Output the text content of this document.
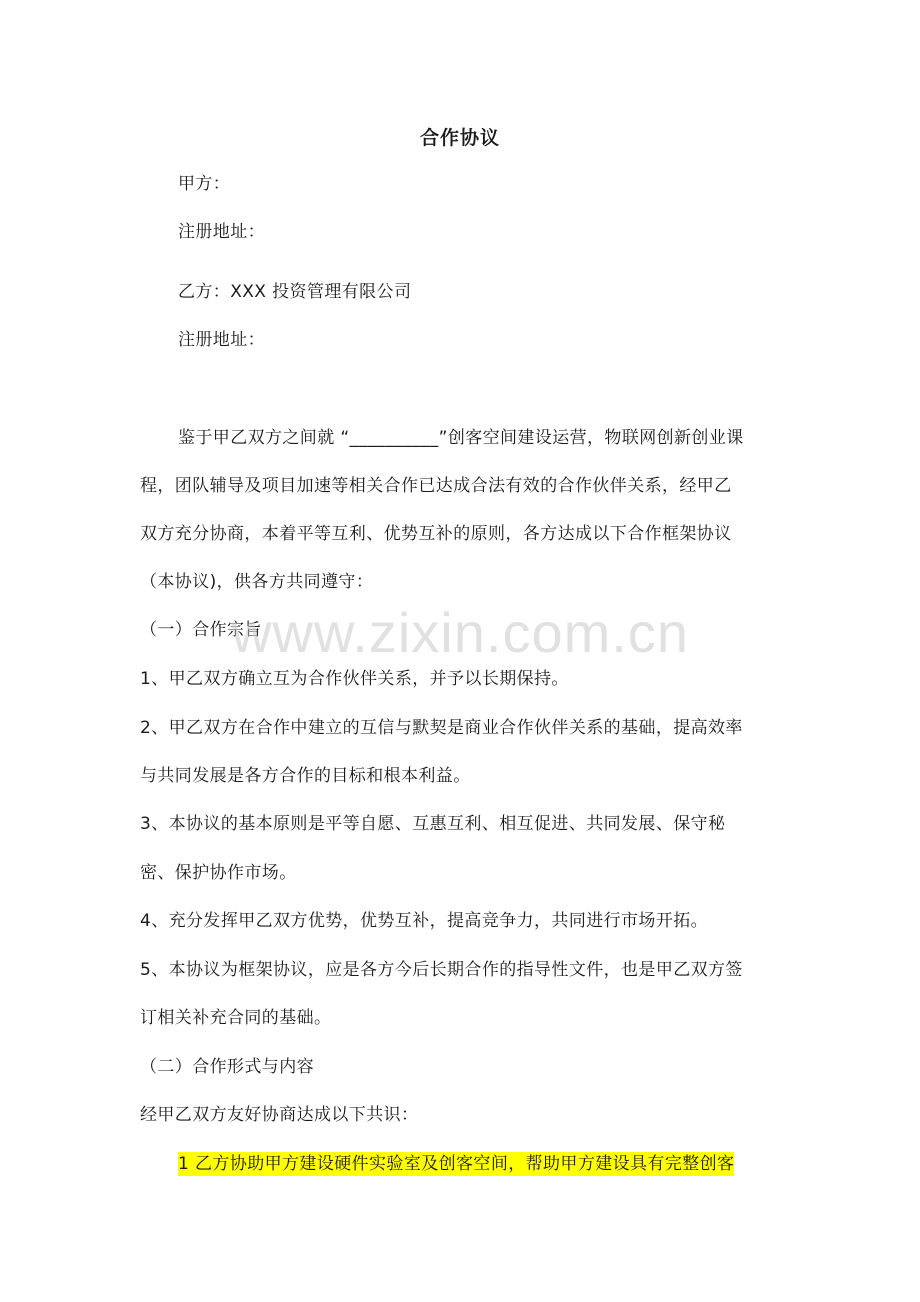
合作协议
甲方：
注册地址：
乙方：XXX 投资管理有限公司
注册地址：
鉴于甲乙双方之间就 “__________”创客空间建设运营，物联网创新创业课
程，团队辅导及项目加速等相关合作已达成合法有效的合作伙伴关系，经甲乙
双方充分协商，本着平等互利、优势互补的原则，各方达成以下合作框架协议
（本协议)，供各方共同遵守：
（一）合作宗旨
1、甲乙双方确立互为合作伙伴关系，并予以长期保持。
2、甲乙双方在合作中建立的互信与默契是商业合作伙伴关系的基础，提高效率
与共同发展是各方合作的目标和根本利益。
3、本协议的基本原则是平等自愿、互惠互利、相互促进、共同发展、保守秘
密、保护协作市场。
4、充分发挥甲乙双方优势，优势互补，提高竞争力，共同进行市场开拓。
5、本协议为框架协议，应是各方今后长期合作的指导性文件，也是甲乙双方签
订相关补充合同的基础。
（二）合作形式与内容
经甲乙双方友好协商达成以下共识：
1 乙方协助甲方建设硬件实验室及创客空间，帮助甲方建设具有完整创客
www.zixin.com.cn
